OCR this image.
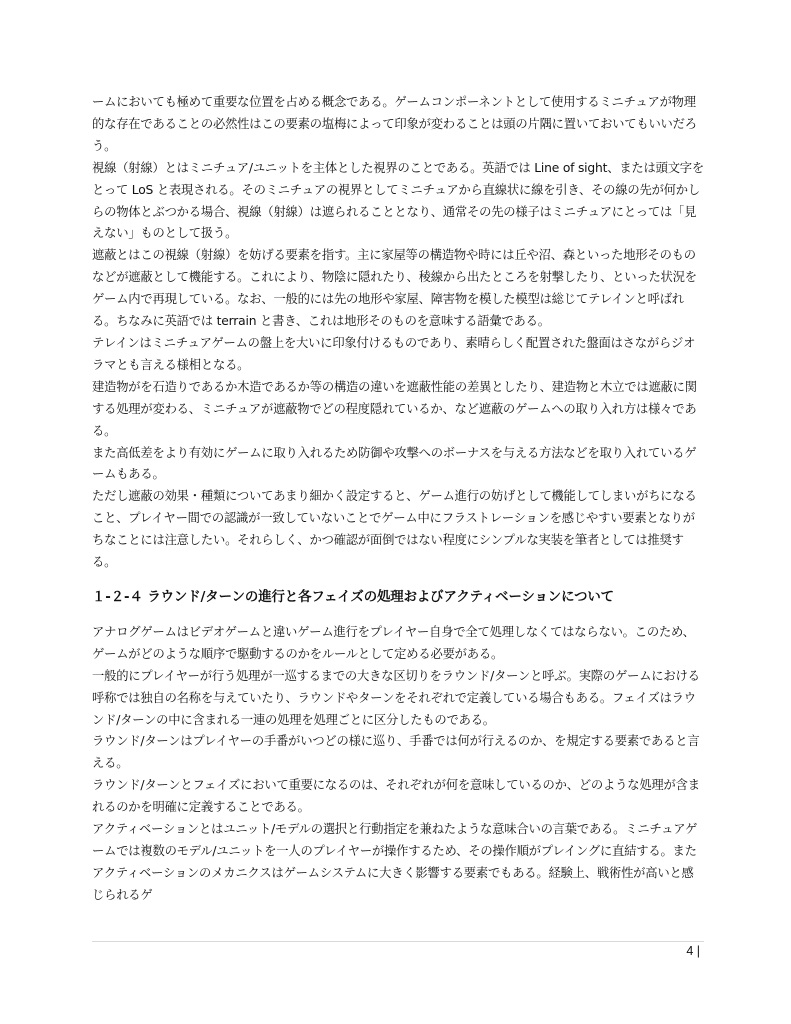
ームにおいても極めて重要な位置を占める概念である。ゲームコンポーネントとして使用するミニチュアが物理的な存在であることの必然性はこの要素の塩梅によって印象が変わることは頭の片隅に置いておいてもいいだろう。

視線（射線）とはミニチュア/ユニットを主体とした視界のことである。英語では Line of sight、または頭文字をとって LoS と表現される。そのミニチュアの視界としてミニチュアから直線状に線を引き、その線の先が何かしらの物体とぶつかる場合、視線（射線）は遮られることとなり、通常その先の様子はミニチュアにとっては「見えない」ものとして扱う。

遮蔽とはこの視線（射線）を妨げる要素を指す。主に家屋等の構造物や時には丘や沼、森といった地形そのものなどが遮蔽として機能する。これにより、物陰に隠れたり、稜線から出たところを射撃したり、といった状況をゲーム内で再現している。なお、一般的には先の地形や家屋、障害物を模した模型は総じてテレインと呼ばれる。ちなみに英語では terrain と書き、これは地形そのものを意味する語彙である。

テレインはミニチュアゲームの盤上を大いに印象付けるものであり、素晴らしく配置された盤面はさながらジオラマとも言える様相となる。

建造物がを石造りであるか木造であるか等の構造の違いを遮蔽性能の差異としたり、建造物と木立では遮蔽に関する処理が変わる、ミニチュアが遮蔽物でどの程度隠れているか、など遮蔽のゲームへの取り入れ方は様々である。

また高低差をより有効にゲームに取り入れるため防御や攻撃へのボーナスを与える方法などを取り入れているゲームもある。

ただし遮蔽の効果・種類についてあまり細かく設定すると、ゲーム進行の妨げとして機能してしまいがちになること、プレイヤー間での認識が一致していないことでゲーム中にフラストレーションを感じやすい要素となりがちなことには注意したい。それらしく、かつ確認が面倒ではない程度にシンプルな実装を筆者としては推奨する。

１-２-４ ラウンド/ターンの進行と各フェイズの処理およびアクティベーションについて

アナログゲームはビデオゲームと違いゲーム進行をプレイヤー自身で全て処理しなくてはならない。このため、ゲームがどのような順序で駆動するのかをルールとして定める必要がある。

一般的にプレイヤーが行う処理が一巡するまでの大きな区切りをラウンド/ターンと呼ぶ。実際のゲームにおける呼称では独自の名称を与えていたり、ラウンドやターンをそれぞれで定義している場合もある。フェイズはラウンド/ターンの中に含まれる一連の処理を処理ごとに区分したものである。

ラウンド/ターンはプレイヤーの手番がいつどの様に巡り、手番では何が行えるのか、を規定する要素であると言える。

ラウンド/ターンとフェイズにおいて重要になるのは、それぞれが何を意味しているのか、どのような処理が含まれるのかを明確に定義することである。

アクティベーションとはユニット/モデルの選択と行動指定を兼ねたような意味合いの言葉である。ミニチュアゲームでは複数のモデル/ユニットを一人のプレイヤーが操作するため、その操作順がプレイングに直結する。またアクティベーションのメカニクスはゲームシステムに大きく影響する要素でもある。経験上、戦術性が高いと感じられるゲ

4 |
